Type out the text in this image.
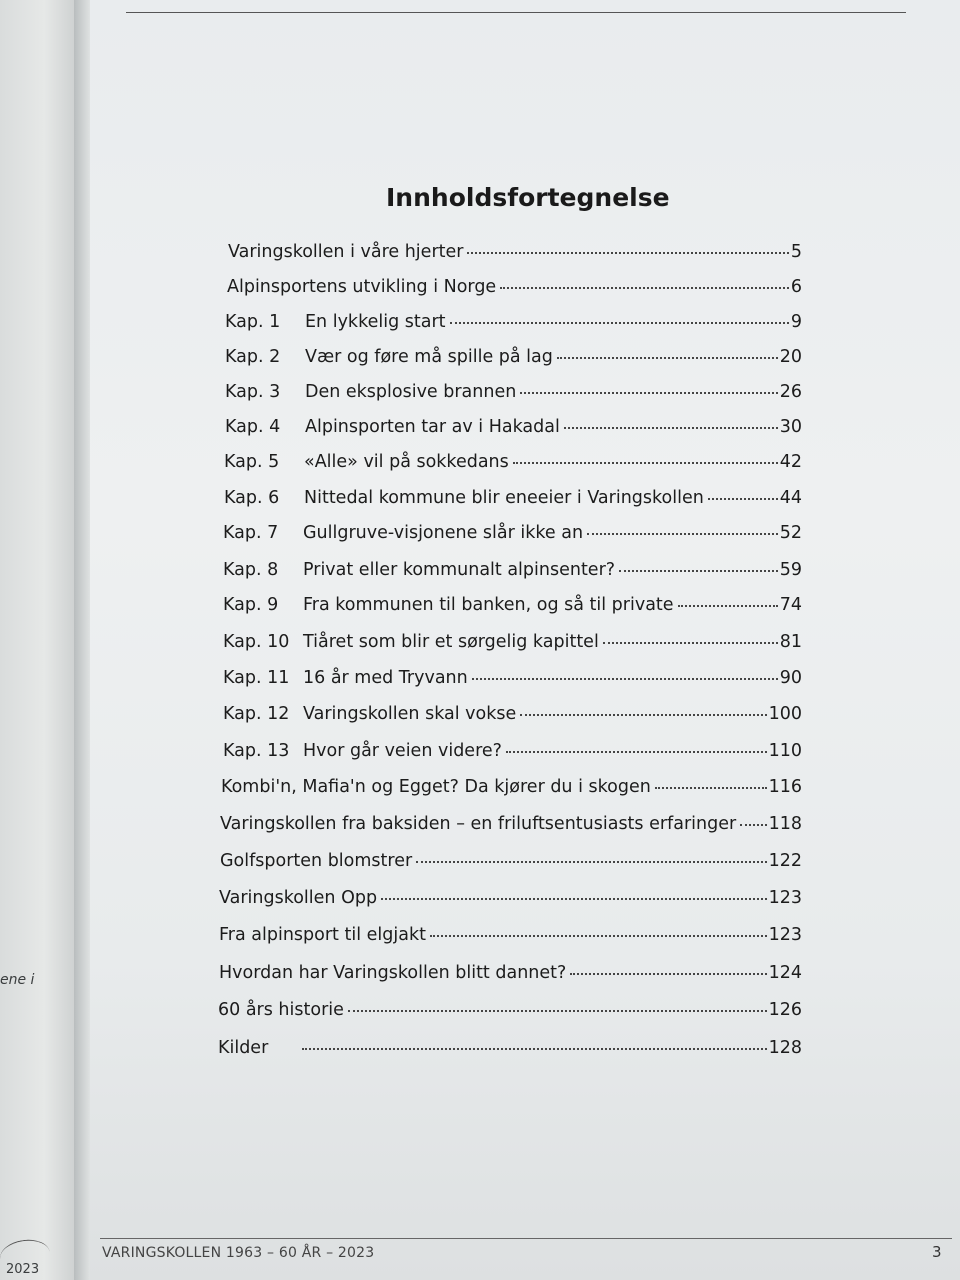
ene i
2023
Innholdsfortegnelse
Varingskollen i våre hjerter	5
Alpinsportens utvikling i Norge	6
Kap. 1	En lykkelig start	9
Kap. 2	Vær og føre må spille på lag	20
Kap. 3	Den eksplosive brannen	26
Kap. 4	Alpinsporten tar av i Hakadal	30
Kap. 5	«Alle» vil på sokkedans	42
Kap. 6	Nittedal kommune blir eneeier i Varingskollen	44
Kap. 7	Gullgruve-visjonene slår ikke an	52
Kap. 8	Privat eller kommunalt alpinsenter?	59
Kap. 9	Fra kommunen til banken, og så til private	74
Kap. 10 Tiåret som blir et sørgelig kapittel	81
Kap. 11 16 år med Tryvann	90
Kap. 12 Varingskollen skal vokse	100
Kap. 13 Hvor går veien videre?	110
Kombi'n, Mafia'n og Egget? Da kjører du i skogen	116
Varingskollen fra baksiden – en friluftsentusiasts erfaringer 118
Golfsporten blomstrer	122
Varingskollen Opp	123
Fra alpinsport til elgjakt	123
Hvordan har Varingskollen blitt dannet?	124
60 års historie	126
Kilder	128
VARINGSKOLLEN 1963 – 60 ÅR – 2023	3
